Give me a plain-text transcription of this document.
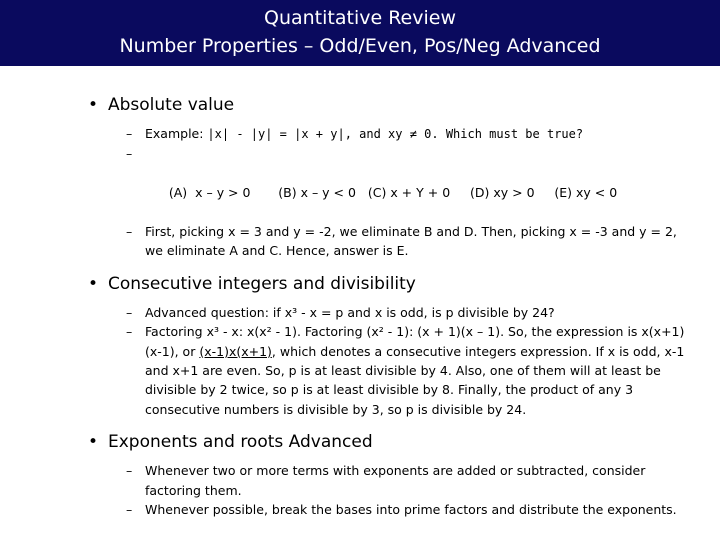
Quantitative Review
Number Properties – Odd/Even, Pos/Neg Advanced
• Absolute value
– Example: |x| - |y| = |x + y|, and xy ≠ 0. Which must be true?

–

(A)  x – y > 0       (B) x – y < 0   (C) x + Y + 0     (D) xy > 0     (E) xy < 0

– First, picking x = 3 and y = -2, we eliminate B and D. Then, picking x = -3 and y = 2, we eliminate A and C. Hence, answer is E.
• Consecutive integers and divisibility
– Advanced question: if x³ - x = p and x is odd, is p divisible by 24?
– Factoring x³ - x: x(x² - 1). Factoring (x² - 1): (x + 1)(x – 1). So, the expression is x(x+1)(x-1), or (x-1)x(x+1), which denotes a consecutive integers expression. If x is odd, x-1 and x+1 are even. So, p is at least divisible by 4. Also, one of them will at least be divisible by 2 twice, so p is at least divisible by 8. Finally, the product of any 3 consecutive numbers is divisible by 3, so p is divisible by 24.
• Exponents and roots Advanced
– Whenever two or more terms with exponents are added or subtracted, consider factoring them.
– Whenever possible, break the bases into prime factors and distribute the exponents.
